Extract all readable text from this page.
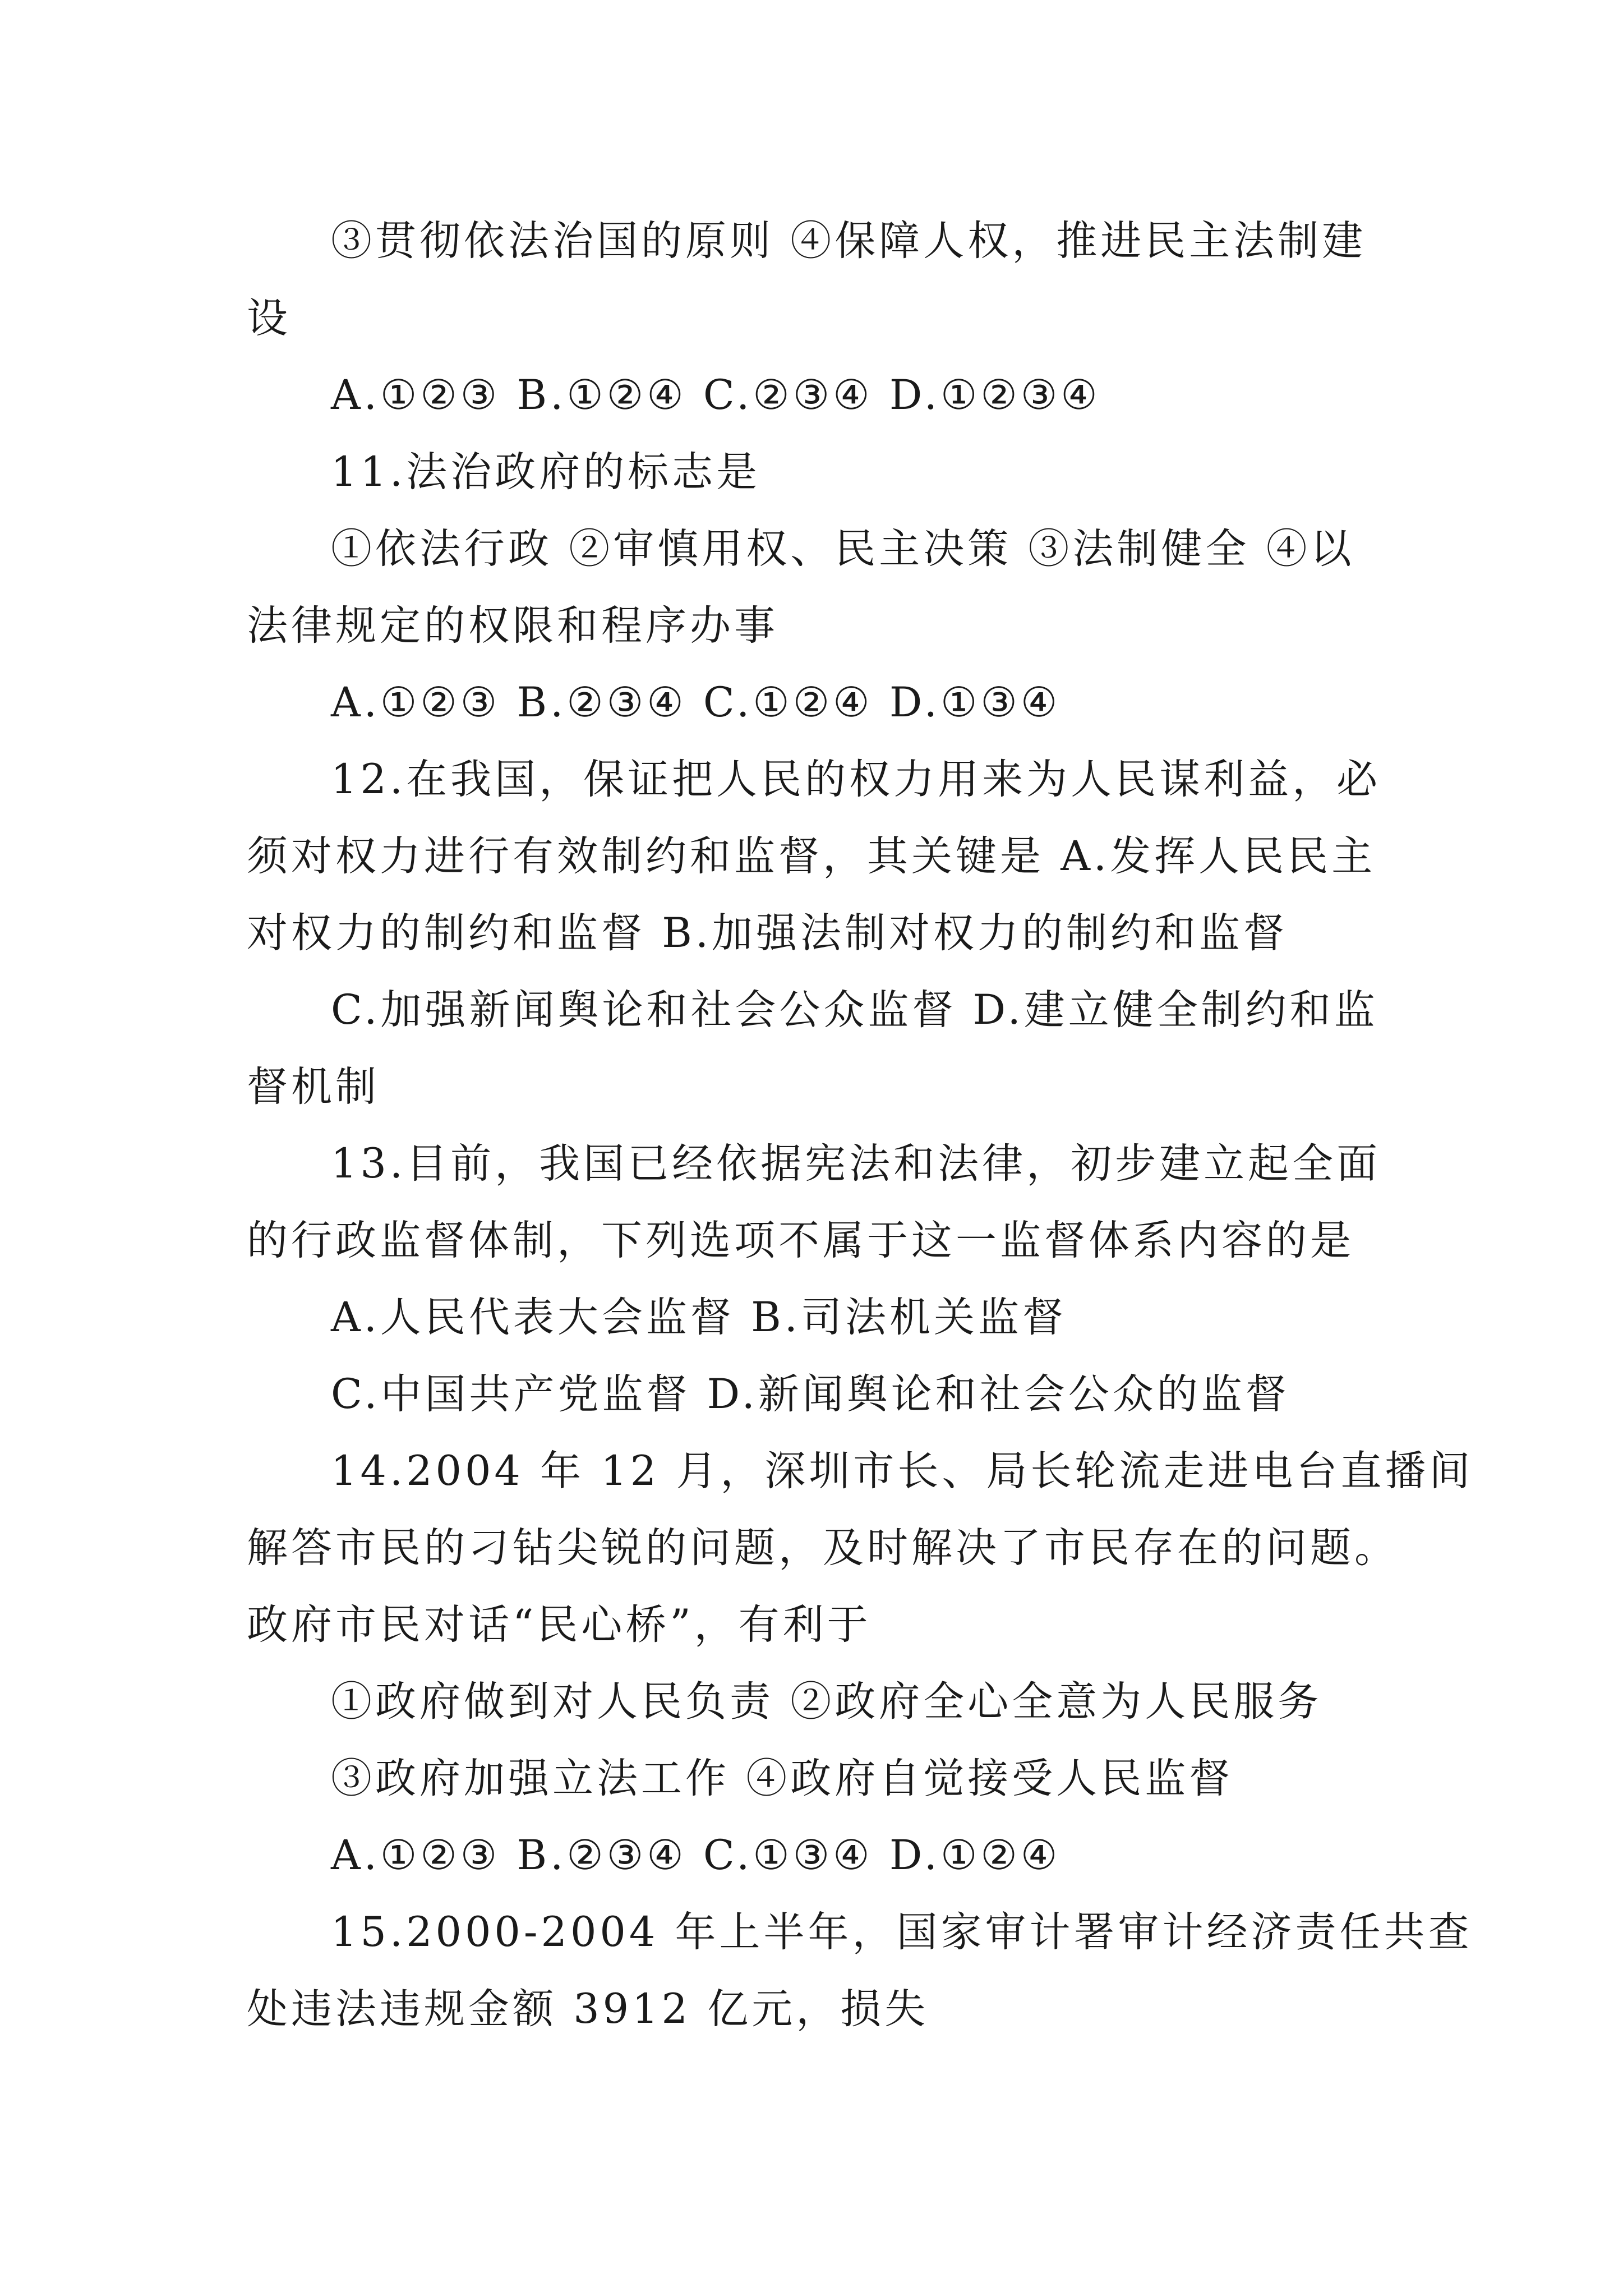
③贯彻依法治国的原则 ④保障人权，推进民主法制建
设
A.①②③ B.①②④ C.②③④ D.①②③④
11.法治政府的标志是
①依法行政 ②审慎用权、民主决策 ③法制健全 ④以
法律规定的权限和程序办事
A.①②③ B.②③④ C.①②④ D.①③④
12.在我国，保证把人民的权力用来为人民谋利益，必
须对权力进行有效制约和监督，其关键是 A.发挥人民民主
对权力的制约和监督 B.加强法制对权力的制约和监督
C.加强新闻舆论和社会公众监督 D.建立健全制约和监
督机制
13.目前，我国已经依据宪法和法律，初步建立起全面
的行政监督体制，下列选项不属于这一监督体系内容的是
A.人民代表大会监督 B.司法机关监督
C.中国共产党监督 D.新闻舆论和社会公众的监督
14.2004 年 12 月，深圳市长、局长轮流走进电台直播间
解答市民的刁钻尖锐的问题，及时解决了市民存在的问题。
政府市民对话“民心桥”，有利于
①政府做到对人民负责 ②政府全心全意为人民服务
③政府加强立法工作 ④政府自觉接受人民监督
A.①②③ B.②③④ C.①③④ D.①②④
15.2000-2004 年上半年，国家审计署审计经济责任共查
处违法违规金额 3912 亿元，损失
